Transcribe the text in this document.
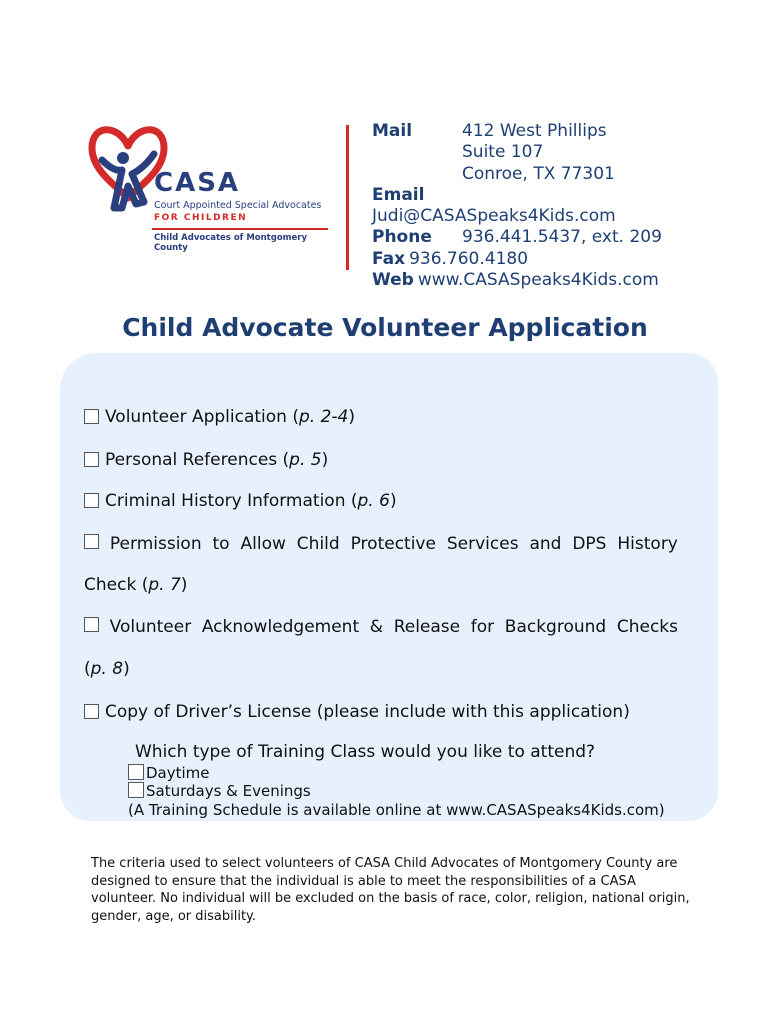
CASA
Court Appointed Special Advocates
FOR CHILDREN
Child Advocates of Montgomery County
Mail	412 West Phillips
Suite 107
Conroe, TX 77301
Email
Judi@CASASpeaks4Kids.com
Phone 936.441.5437, ext. 209
Fax 936.760.4180
Web www.CASASpeaks4Kids.com
Child Advocate Volunteer Application
Volunteer Application (p. 2-4)
Personal References (p. 5)
Criminal History Information (p. 6)
Permission to Allow Child Protective Services and DPS History
Check (p. 7)
Volunteer Acknowledgement & Release for Background Checks
(p. 8)
Copy of Driver’s License (please include with this application)
Which type of Training Class would you like to attend?
Daytime
Saturdays & Evenings
(A Training Schedule is available online at www.CASASpeaks4Kids.com)
The criteria used to select volunteers of CASA Child Advocates of Montgomery County are designed to ensure that the individual is able to meet the responsibilities of a CASA volunteer. No individual will be excluded on the basis of race, color, religion, national origin, gender, age, or disability.
